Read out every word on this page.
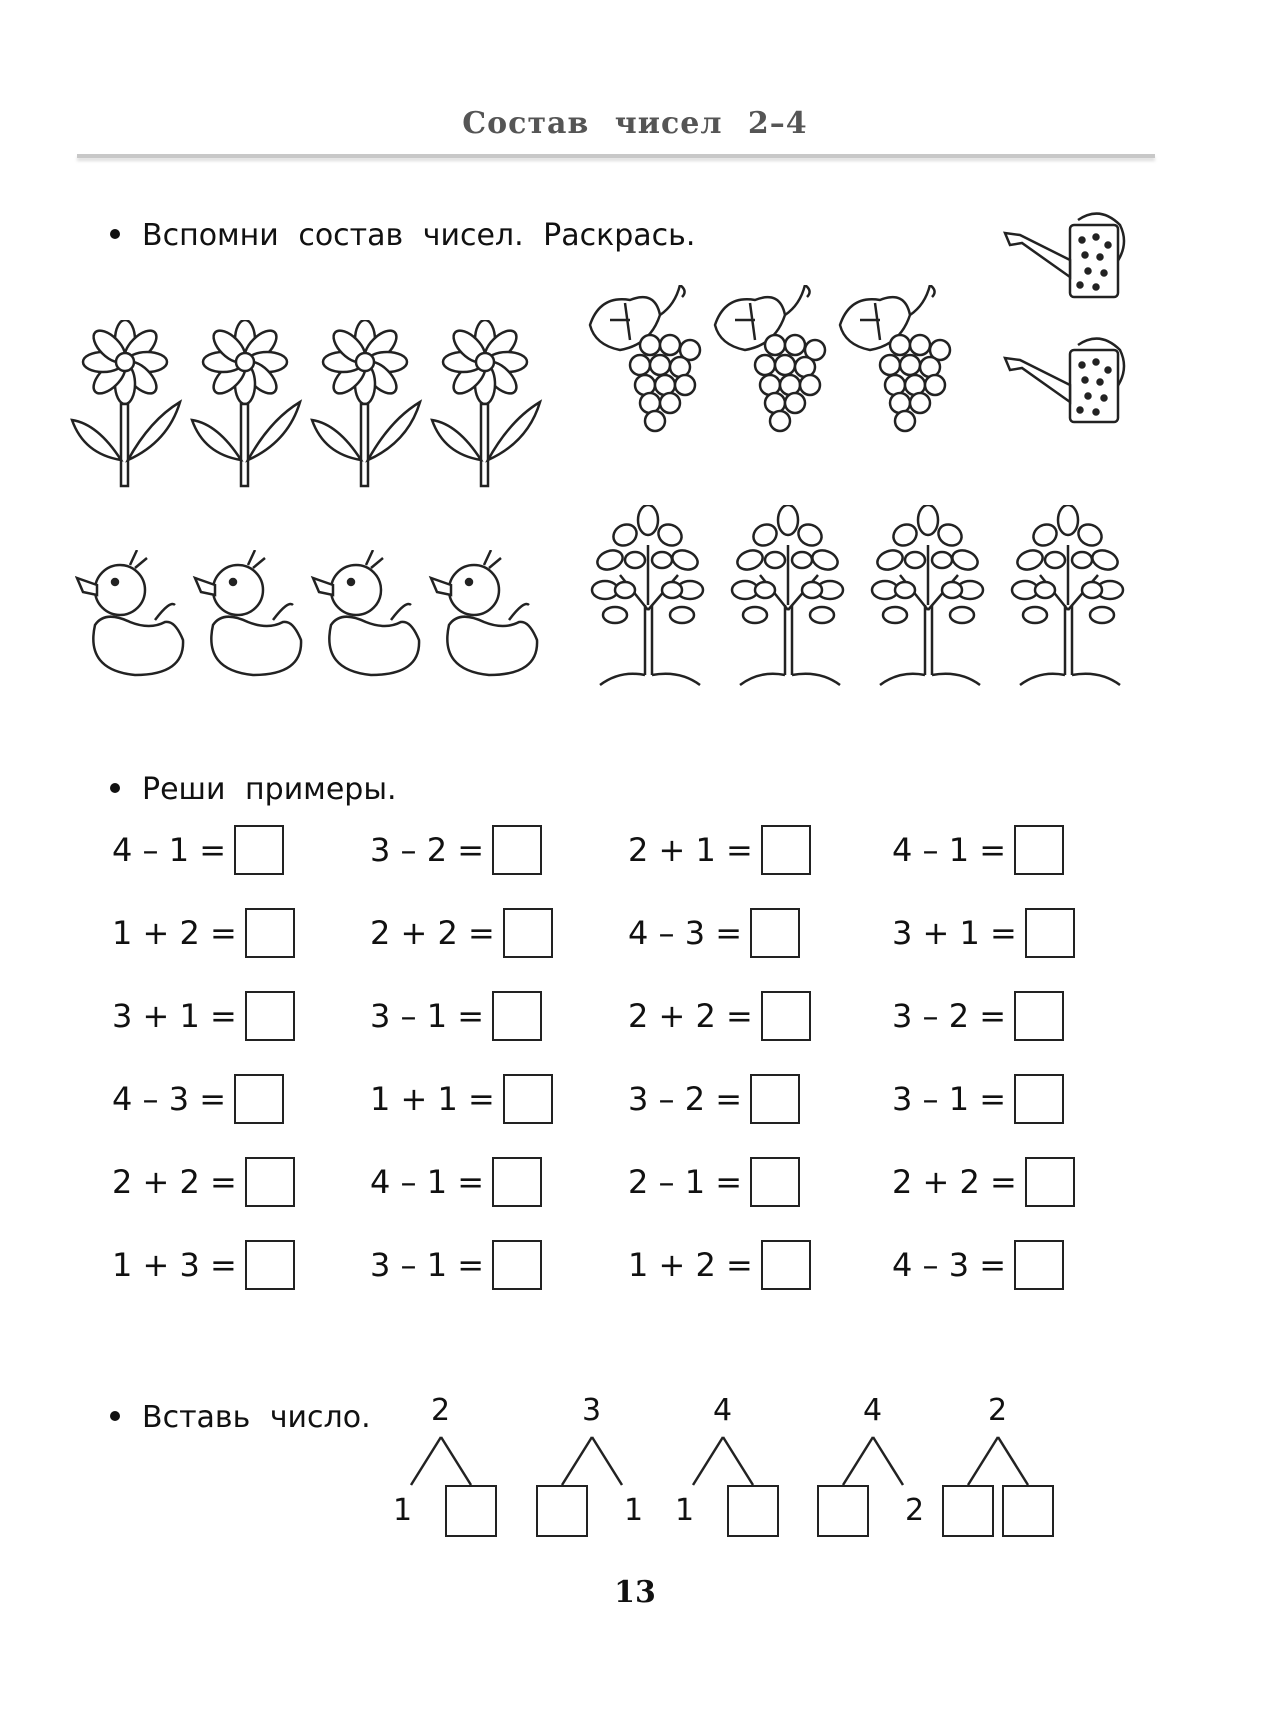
Состав чисел 2–4
Вспомни состав чисел. Раскрась.
Реши примеры.
4 – 1 =	3 – 2 =	2 + 1 =	4 – 1 =
1 + 2 =	2 + 2 =	4 – 3 =	3 + 1 =
3 + 1 =	3 – 1 =	2 + 2 =	3 – 2 =
4 – 3 =	1 + 1 =	3 – 2 =	3 – 1 =
2 + 2 =	4 – 1 =	2 – 1 =	2 + 2 =
1 + 3 =	3 – 1 =	1 + 2 =	4 – 3 =
Вставь число. 2
1
3
1
4
1
4
2
2
13
